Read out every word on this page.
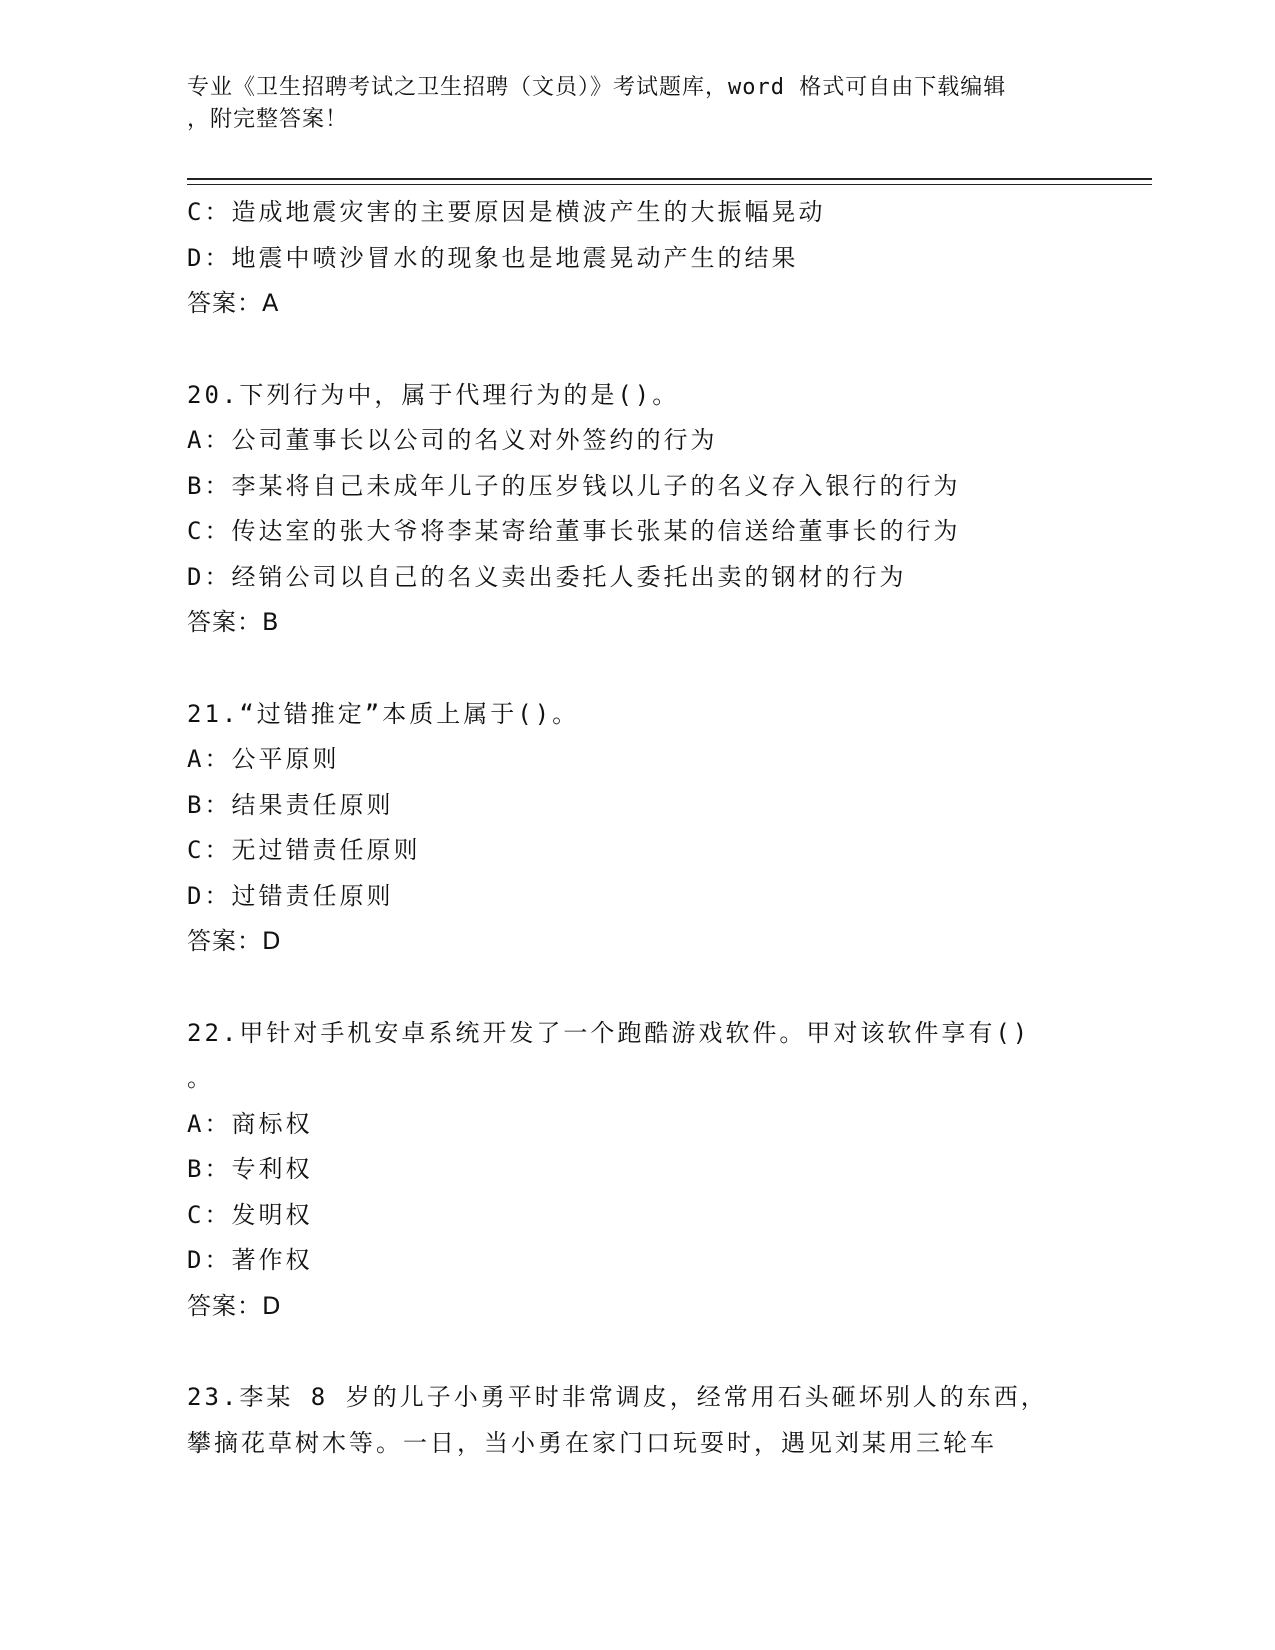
专业《卫生招聘考试之卫生招聘（文员）》考试题库，word 格式可自由下载编辑
，附完整答案！
C：造成地震灾害的主要原因是横波产生的大振幅晃动
D：地震中喷沙冒水的现象也是地震晃动产生的结果
答案：A
20.下列行为中，属于代理行为的是()。
A：公司董事长以公司的名义对外签约的行为
B：李某将自己未成年儿子的压岁钱以儿子的名义存入银行的行为
C：传达室的张大爷将李某寄给董事长张某的信送给董事长的行为
D：经销公司以自己的名义卖出委托人委托出卖的钢材的行为
答案：B
21.“过错推定”本质上属于()。
A：公平原则
B：结果责任原则
C：无过错责任原则
D：过错责任原则
答案：D
22.甲针对手机安卓系统开发了一个跑酷游戏软件。甲对该软件享有()
。
A：商标权
B：专利权
C：发明权
D：著作权
答案：D
23.李某 8 岁的儿子小勇平时非常调皮，经常用石头砸坏别人的东西，
攀摘花草树木等。一日，当小勇在家门口玩耍时，遇见刘某用三轮车
